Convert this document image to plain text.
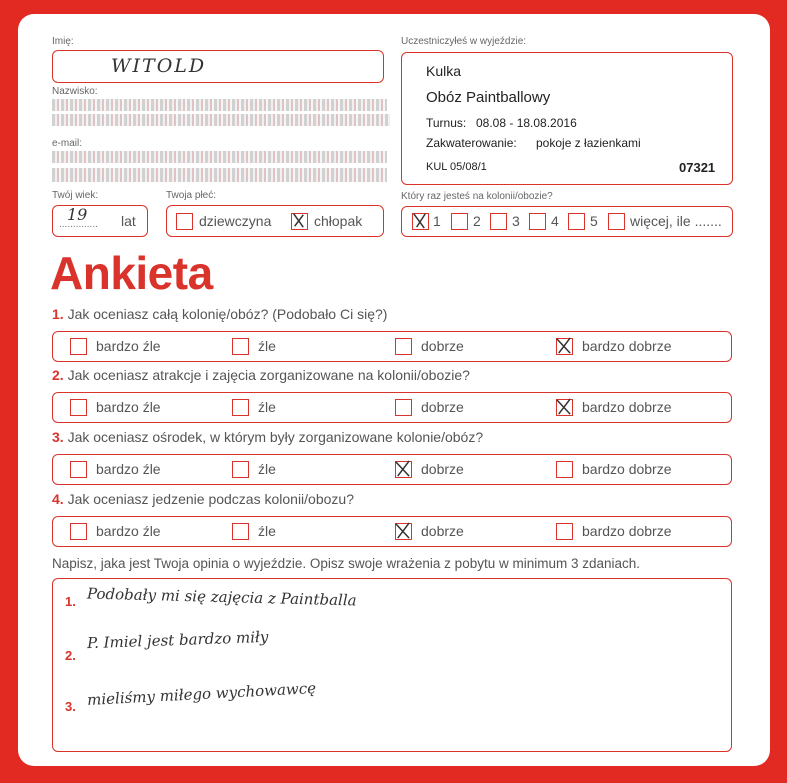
Imię:
WITOLD
Nazwisko:
e-mail:
Twój wiek:
..............
19 lat
Twoja płeć:
dziewczyna	chłopak
Uczestniczyłeś w wyjeździe:
Kulka
Obóz Paintballowy
Turnus: 08.08 - 18.08.2016
Zakwaterowanie: pokoje z łazienkami
KUL 05/08/1	07321
Który raz jesteś na kolonii/obozie?
1 2 3 4 5 więcej, ile .......
Ankieta
1. Jak oceniasz całą kolonię/obóz? (Podobało Ci się?)
bardzo źle	źle	dobrze	bardzo dobrze
2. Jak oceniasz atrakcje i zajęcia zorganizowane na kolonii/obozie?
bardzo źle	źle	dobrze	bardzo dobrze
3. Jak oceniasz ośrodek, w którym były zorganizowane kolonie/obóz?
bardzo źle	źle	dobrze	bardzo dobrze
4. Jak oceniasz jedzenie podczas kolonii/obozu?
bardzo źle	źle	dobrze	bardzo dobrze
Napisz, jaka jest Twoja opinia o wyjeździe. Opisz swoje wrażenia z pobytu w minimum 3 zdaniach.
1. Podobały mi się zajęcia z Paintballa
2.
P. Imiel jest bardzo miły
3. mieliśmy miłego wychowawcę
